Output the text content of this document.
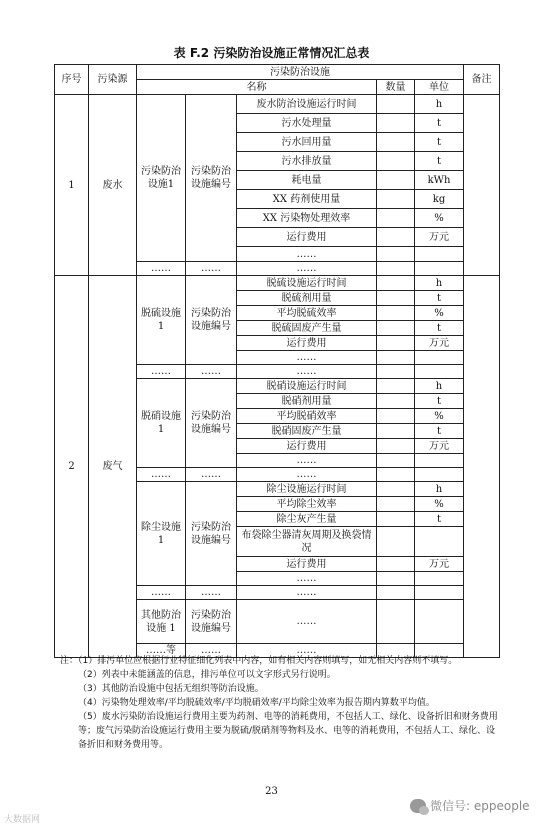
表 F.2 污染防治设施正常情况汇总表
序号	污染源	污染防治设施					备注
		名称			数量	单位	
1	废水	污染防治设施1	污染防治设施编号	废水防治设施运行时间		h	
				污水处理量		t	
				污水回用量		t	
				污水排放量		t	
				耗电量		kWh	
				XX 药剂使用量		kg	
				XX 污染物处理效率		%	
				运行费用		万元	
				……			
		……	……	……			
2	废气	脱硫设施 1	污染防治设施编号	脱硫设施运行时间		h	
				脱硫剂用量		t	
				平均脱硫效率		%	
				脱硫固废产生量		t	
				运行费用		万元	
				……			
		……	……	……			
		脱硝设施 1	污染防治设施编号	脱硝设施运行时间		h	
				脱硝剂用量		t	
				平均脱硝效率		%	
				脱硝固废产生量		t	
				运行费用		万元	
				……			
		……	……	……			
		除尘设施 1	污染防治设施编号	除尘设施运行时间		h	
				平均除尘效率		%	
				除尘灰产生量		t	
				布袋除尘器清灰周期及换袋情况			
				运行费用		万元	
				……			
		……	……	……			
		其他防治设施 1	污染防治设施编号	……			
		……等	……	……			

注：（1）排污单位应根据行业特征细化列表中内容，如有相关内容则填写，如无相关内容则不填写。

（2）列表中未能涵盖的信息，排污单位可以文字形式另行说明。

（3）其他防治设施中包括无组织等防治设施。

（4）污染物处理效率/平均脱硫效率/平均脱硝效率/平均除尘效率为报告期内算数平均值。

（5）废水污染防治设施运行费用主要为药剂、电等的消耗费用，不包括人工、绿化、设备折旧和财务费用等；废气污染防治设施运行费用主要为脱硫/脱硝剂等物料及水、电等的消耗费用，不包括人工、绿化、设备折旧和财务费用等。

23
大数据网
微信号: eppeople
